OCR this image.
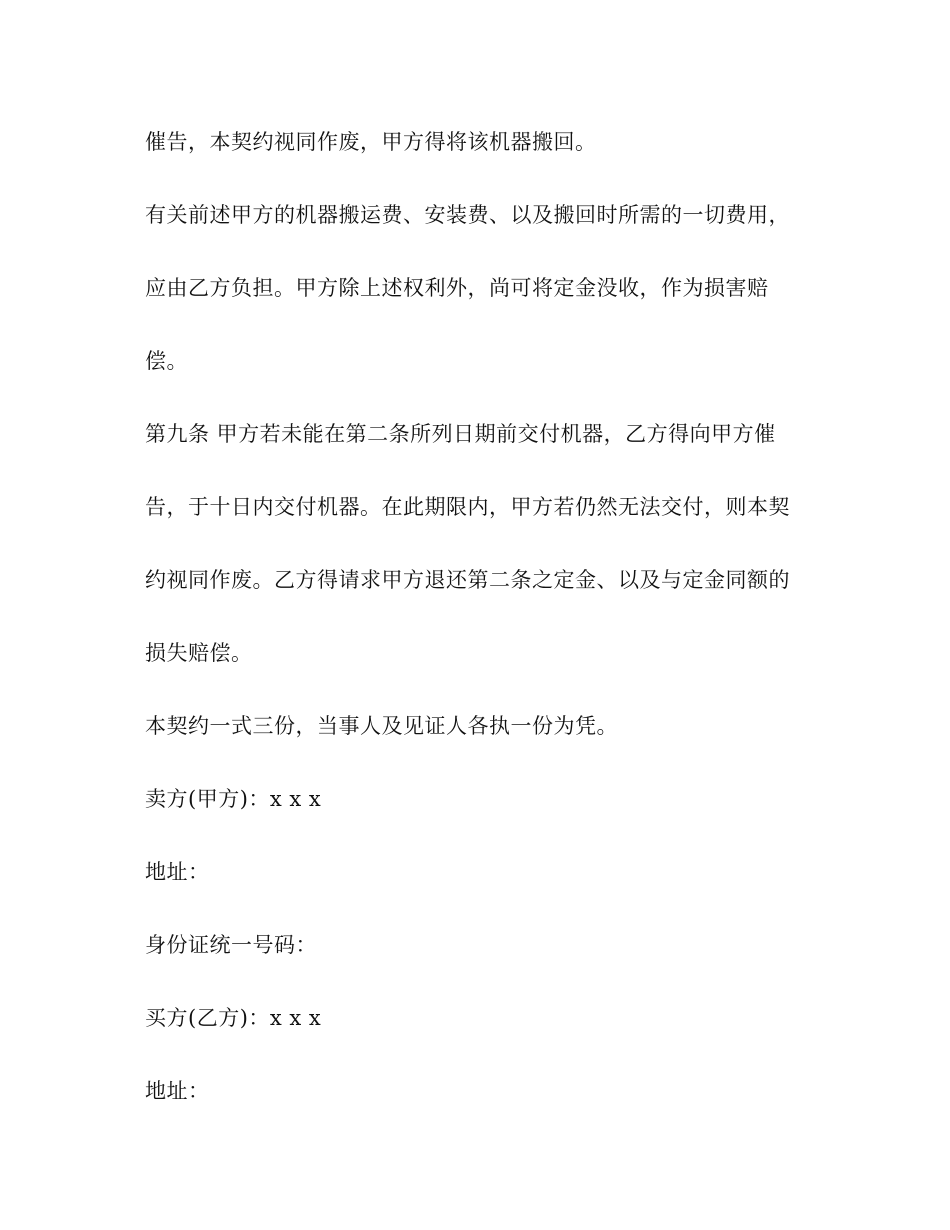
催告，本契约视同作废，甲方得将该机器搬回。
有关前述甲方的机器搬运费、安装费、以及搬回时所需的一切费用，
应由乙方负担。甲方除上述权利外，尚可将定金没收，作为损害赔
偿。
第九条 甲方若未能在第二条所列日期前交付机器，乙方得向甲方催
告，于十日内交付机器。在此期限内，甲方若仍然无法交付，则本契
约视同作废。乙方得请求甲方退还第二条之定金、以及与定金同额的
损失赔偿。
本契约一式三份，当事人及见证人各执一份为凭。
卖方(甲方)：x x x
地址：
身份证统一号码：
买方(乙方)：x x x
地址：
